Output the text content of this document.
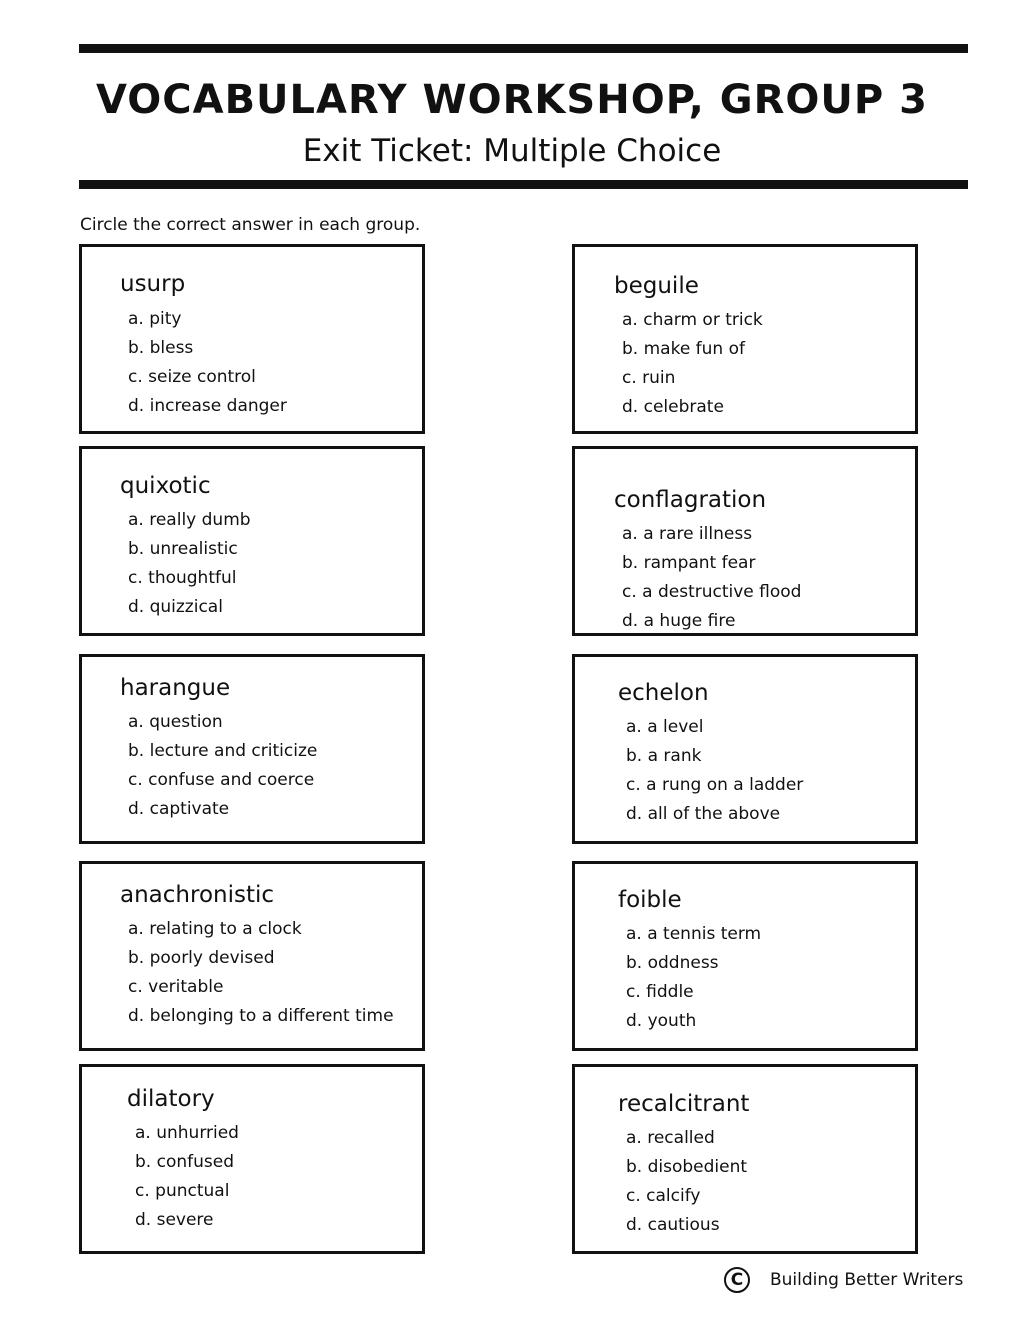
VOCABULARY WORKSHOP, GROUP 3
Exit Ticket: Multiple Choice
Circle the correct answer in each group.
usurp
a. pity
b. bless
c. seize control
d. increase danger
quixotic
a. really dumb
b. unrealistic
c. thoughtful
d. quizzical
harangue
a. question
b. lecture and criticize
c. confuse and coerce
d. captivate
anachronistic
a. relating to a clock
b. poorly devised
c. veritable
d. belonging to a different time
dilatory
a. unhurried
b. confused
c. punctual
d. severe
beguile
a. charm or trick
b. make fun of
c. ruin
d. celebrate
conflagration
a. a rare illness
b. rampant fear
c. a destructive flood
d. a huge fire
echelon
a. a level
b. a rank
c. a rung on a ladder
d. all of the above
foible
a. a tennis term
b. oddness
c. fiddle
d. youth
recalcitrant
a. recalled
b. disobedient
c. calcify
d. cautious
C	Building Better Writers
